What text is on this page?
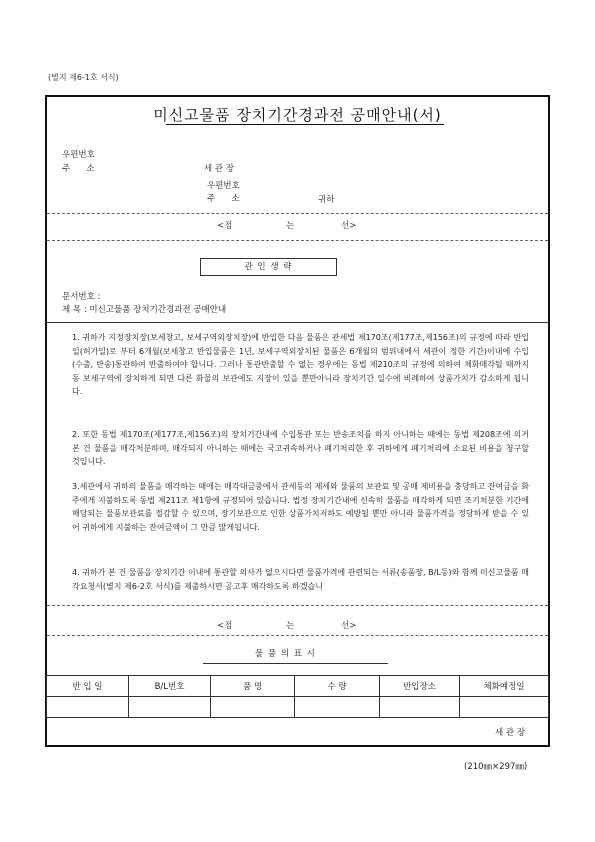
(별지 제6-1호 서식)
미신고물품 장치기간경과전 공매안내(서)
우편번호
주      소	세 관 장
우편번호
주      소	귀하
<점	는	선>
관 인 생 략
문서번호 :
제 목 : 미신고물품 장치기간경과전 공매안내
1. 귀하가 지정장치장(보세창고, 보세구역외장치장)에 반입한 다음 물품은 관세법 제170조(제177조,제156조)의 규정에 따라 반입일(허가일)로 부터 6개월(보세창고 반입물품은 1년, 보세구역외장치된 물품은 6개월의 범위내에서 세관이 정한 기간)이내에 수입(수출, 반송)통관하여 반출하여야 합니다. 그러나 통관반출할 수 없는 경우에는 동법 제210조의 규정에 의하여 체화매각될 때까지 동 보세구역에 장치하게 되면 다른 화물의 보관에도 지장이 있을 뿐만아니라 장치기간 일수에 비례하여 상품가치가 감소하게 됩니다.
2. 또한 동법 제170조(제177조,제156조)의 장치기간내에 수입통관 또는 반송조치를 하지 아니하는 때에는 동법 제208조에 의거 본 건 물품을 매각처분하며, 매각되지 아니하는 때에는 국고귀속하거나 폐기처리한 후 귀하에게 폐기처리에 소요된 비용을 청구할 것입니다.
3.세관에서 귀하의 물품을 매각하는 때에는 매각대금중에서 관세등의 제세와 물품의 보관료 및 공매 제비용을 충당하고 잔여금을 화주에게 지불하도록 동법 제211조 제1항에 규정되어 있습니다. 법정 장치기간내에 신속히 물품을 매각하게 되면 조기처분한 기간에 해당되는 물품보관료를 절감할 수 있으며, 장기보관으로 인한 상품가치저하도 예방될 뿐만 아니라 물품가격을 정당하게 받을 수 있어 귀하에게 지불하는 잔여금액이 그 만큼 많게됩니다.
4. 귀하가 본 건 물품을 장치기간 이내에 통관할 의사가 없으시다면 물품가격에 관련되는 서류(송품장, B/L등)와 함께 미신고물품 매각요청서(별지 제6-2호 서식)를 제출하시면 공고후 매각하도록 하겠습니
<점	는	선>
물 품 의 표 시
반 입 일	B/L번호	품 명	수 량	반입장소	체화예정일

세 관 장
(210㎜×297㎜)
